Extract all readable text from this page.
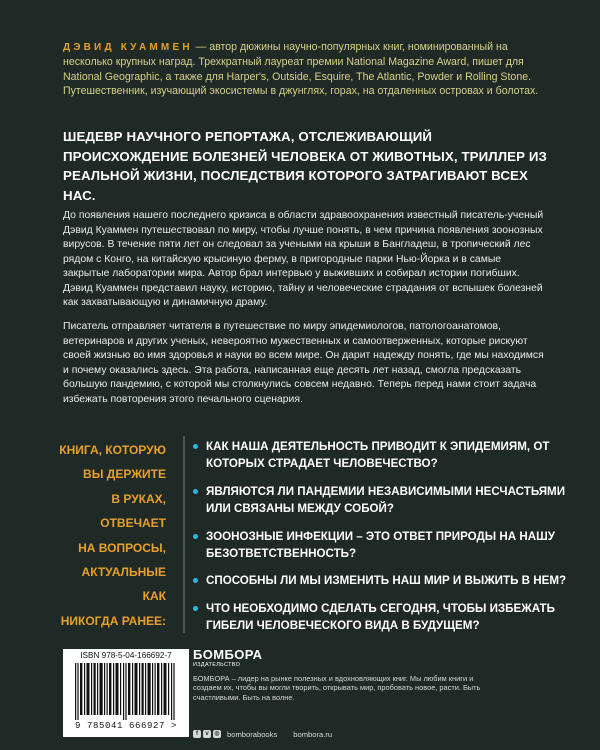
ДЭВИД КУАММЕН — автор дюжины научно-популярных книг, номинированный на несколько крупных наград. Трехкратный лауреат премии National Magazine Award, пишет для National Geographic, а также для Harper's, Outside, Esquire, The Atlantic, Powder и Rolling Stone. Путешественник, изучающий экосистемы в джунглях, горах, на отдаленных островах и болотах.
ШЕДЕВР НАУЧНОГО РЕПОРТАЖА, ОТСЛЕЖИВАЮЩИЙ ПРОИСХОЖДЕНИЕ БОЛЕЗНЕЙ ЧЕЛОВЕКА ОТ ЖИВОТНЫХ, ТРИЛЛЕР ИЗ РЕАЛЬНОЙ ЖИЗНИ, ПОСЛЕДСТВИЯ КОТОРОГО ЗАТРАГИВАЮТ ВСЕХ НАС.
До появления нашего последнего кризиса в области здравоохранения известный писатель-ученый Дэвид Куаммен путешествовал по миру, чтобы лучше понять, в чем причина появления зоонозных вирусов. В течение пяти лет он следовал за учеными на крыши в Бангладеш, в тропический лес рядом с Конго, на китайскую крысиную ферму, в пригородные парки Нью-Йорка и в самые закрытые лаборатории мира. Автор брал интервью у выживших и собирал истории погибших. Дэвид Куаммен представил науку, историю, тайну и человеческие страдания от вспышек болезней как захватывающую и динамичную драму.
Писатель отправляет читателя в путешествие по миру эпидемиологов, патологоанатомов, ветеринаров и других ученых, невероятно мужественных и самоотверженных, которые рискуют своей жизнью во имя здоровья и науки во всем мире. Он дарит надежду понять, где мы находимся и почему оказались здесь. Эта работа, написанная еще десять лет назад, смогла предсказать большую пандемию, с которой мы столкнулись совсем недавно. Теперь перед нами стоит задача избежать повторения этого печального сценария.
КНИГА, КОТОРУЮ
ВЫ ДЕРЖИТЕ
В РУКАХ, ОТВЕЧАЕТ
НА ВОПРОСЫ,
АКТУАЛЬНЫЕ КАК
НИКОГДА РАНЕЕ:
КАК НАША ДЕЯТЕЛЬНОСТЬ ПРИВОДИТ К ЭПИДЕМИЯМ, ОТ КОТОРЫХ СТРАДАЕТ ЧЕЛОВЕЧЕСТВО?
ЯВЛЯЮТСЯ ЛИ ПАНДЕМИИ НЕЗАВИСИМЫМИ НЕСЧАСТЬЯМИ ИЛИ СВЯЗАНЫ МЕЖДУ СОБОЙ?
ЗООНОЗНЫЕ ИНФЕКЦИИ – ЭТО ОТВЕТ ПРИРОДЫ НА НАШУ БЕЗОТВЕТСТВЕННОСТЬ?
СПОСОБНЫ ЛИ МЫ ИЗМЕНИТЬ НАШ МИР И ВЫЖИТЬ В НЕМ?
ЧТО НЕОБХОДИМО СДЕЛАТЬ СЕГОДНЯ, ЧТОБЫ ИЗБЕЖАТЬ ГИБЕЛИ ЧЕЛОВЕЧЕСКОГО ВИДА В БУДУЩЕМ?
ISBN 978-5-04-166692-7
9 785041 666927 >
БОМБОРА
ИЗДАТЕЛЬСТВО
БОМБОРА – лидер на рынке полезных и вдохновляющих книг. Мы любим книги и создаем их, чтобы вы могли творить, открывать мир, пробовать новое, расти. Быть счастливыми. Быть на волне.
f	v ◎ bomborabooks bombora.ru
